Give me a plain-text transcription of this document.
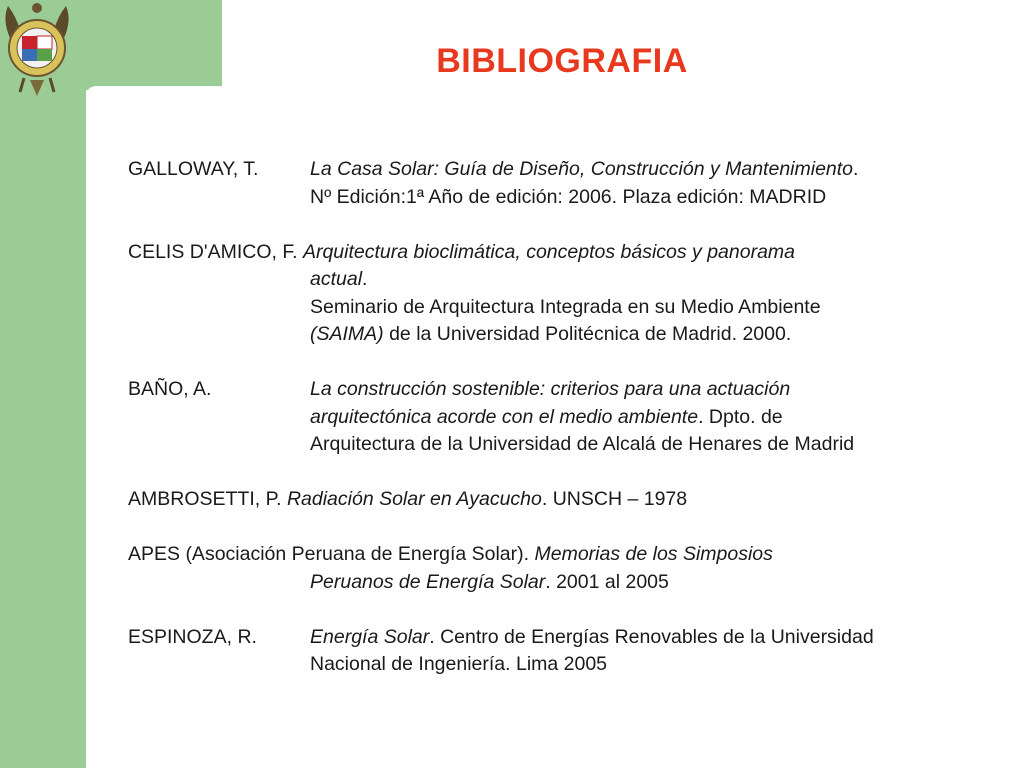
BIBLIOGRAFIA
GALLOWAY, T.	La Casa Solar: Guía de Diseño, Construcción y Mantenimiento.
Nº Edición:1ª Año de edición: 2006. Plaza edición: MADRID
CELIS D'AMICO, F. Arquitectura bioclimática, conceptos básicos y panorama
actual.
Seminario de Arquitectura Integrada en su Medio Ambiente
(SAIMA) de la Universidad Politécnica de Madrid. 2000.
BAÑO, A.	La construcción sostenible: criterios para una actuación
arquitectónica acorde con el medio ambiente. Dpto. de
Arquitectura de la Universidad de Alcalá de Henares de Madrid
AMBROSETTI, P. Radiación Solar en Ayacucho. UNSCH – 1978
APES (Asociación Peruana de Energía Solar). Memorias de los Simposios
Peruanos de Energía Solar. 2001 al 2005
ESPINOZA, R.	Energía Solar. Centro de Energías Renovables de la Universidad
Nacional de Ingeniería. Lima 2005
